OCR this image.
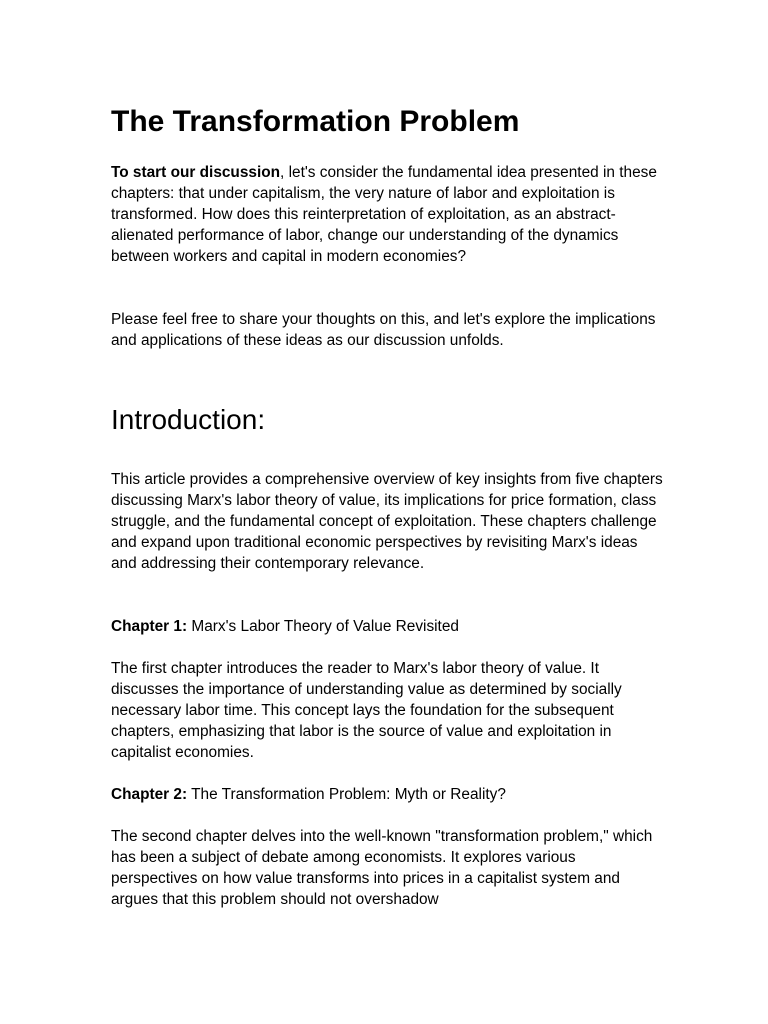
The Transformation Problem

To start our discussion, let's consider the fundamental idea presented in these chapters: that under capitalism, the very nature of labor and exploitation is transformed. How does this reinterpretation of exploitation, as an abstract-alienated performance of labor, change our understanding of the dynamics between workers and capital in modern economies?

Please feel free to share your thoughts on this, and let's explore the implications and applications of these ideas as our discussion unfolds.

Introduction:

This article provides a comprehensive overview of key insights from five chapters discussing Marx's labor theory of value, its implications for price formation, class struggle, and the fundamental concept of exploitation. These chapters challenge and expand upon traditional economic perspectives by revisiting Marx's ideas and addressing their contemporary relevance.

Chapter 1: Marx's Labor Theory of Value Revisited

The first chapter introduces the reader to Marx's labor theory of value. It discusses the importance of understanding value as determined by socially necessary labor time. This concept lays the foundation for the subsequent chapters, emphasizing that labor is the source of value and exploitation in capitalist economies.

Chapter 2: The Transformation Problem: Myth or Reality?

The second chapter delves into the well-known "transformation problem," which has been a subject of debate among economists. It explores various perspectives on how value transforms into prices in a capitalist system and argues that this problem should not overshadow
